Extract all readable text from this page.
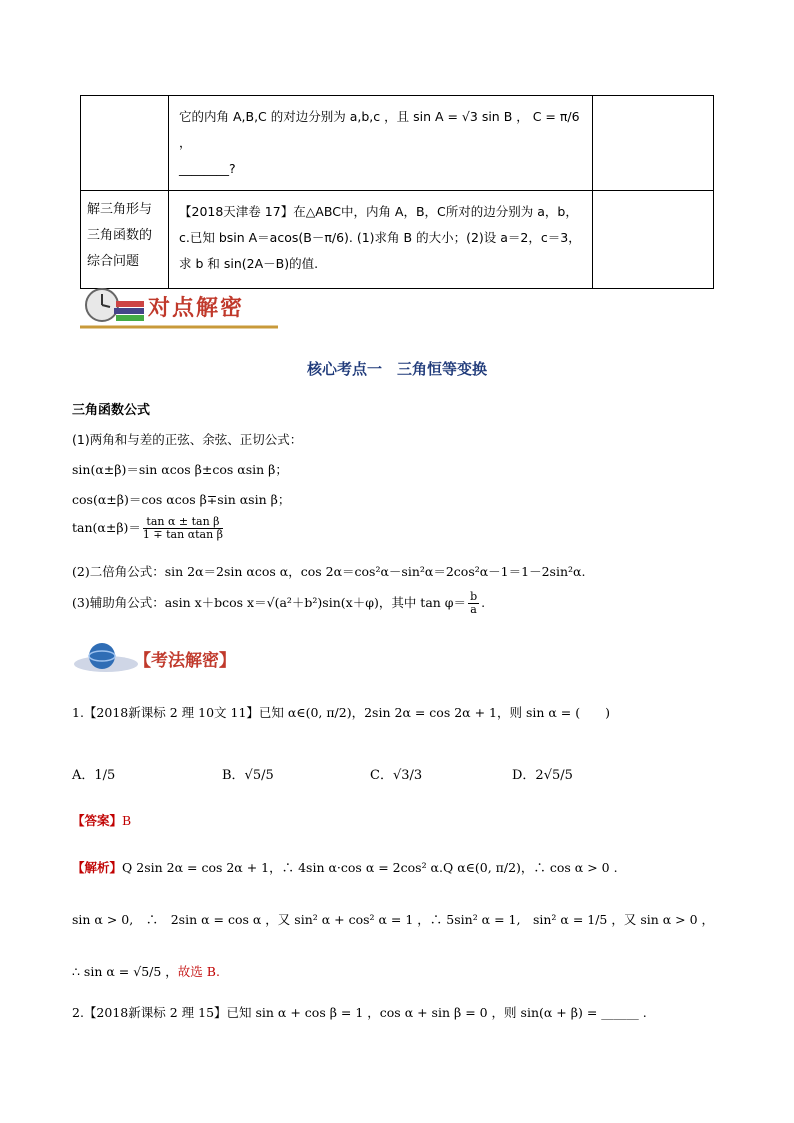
	它的内角 A,B,C 的对边分别为 a,b,c ，且 sin A = √3 sin B ， C = π/6 ，
________?	

解三角形与三角函数的综合问题	【2018天津卷 17】在△ABC中，内角 A，B，C所对的边分别为 a，b，c.已知 bsin A＝acos(B－π/6). (1)求角 B 的大小；(2)设 a＝2，c＝3，求 b 和 sin(2A－B)的值.	

对点解密
核心考点一　三角恒等变换
三角函数公式
(1)两角和与差的正弦、余弦、正切公式：
sin(α±β)＝sin αcos β±cos αsin β；
cos(α±β)＝cos αcos β∓sin αsin β；
$\tan(\alpha\pm\beta)= \frac{\text{tan α ± tan β}}{\text{1 ∓ tan αtan β}}$
(2)二倍角公式：sin 2α＝2sin αcos α，cos 2α＝cos²α－sin²α＝2cos²α－1＝1－2sin²α.
(3)辅助角公式：asin x＋bcos x＝√(a²＋b²)sin(x＋φ)，其中 $\tan \varphi= \frac{b}{a}$ .
【考法解密】
1.【2018新课标 2 理 10文 11】已知 α∈(0, π/2)，2sin 2α = cos 2α + 1，则 sin α = (　　)
A．1/5	B．√5/5	C．√3/3	D．2√5/5
【答案】B
【解析】Q 2sin 2α = cos 2α + 1，∴ 4sin α·cos α = 2cos² α.Q α∈(0, π/2)，∴ cos α > 0 .
sin α > 0,　∴　2sin α = cos α ，又 sin² α + cos² α = 1 ，∴ 5sin² α = 1,　sin² α = 1/5 ，又 sin α > 0 ，
∴ sin α = √5/5 ，故选 B.
2.【2018新课标 2 理 15】已知 sin α + cos β = 1 ，cos α + sin β = 0 ，则 sin(α + β) = ______ .
